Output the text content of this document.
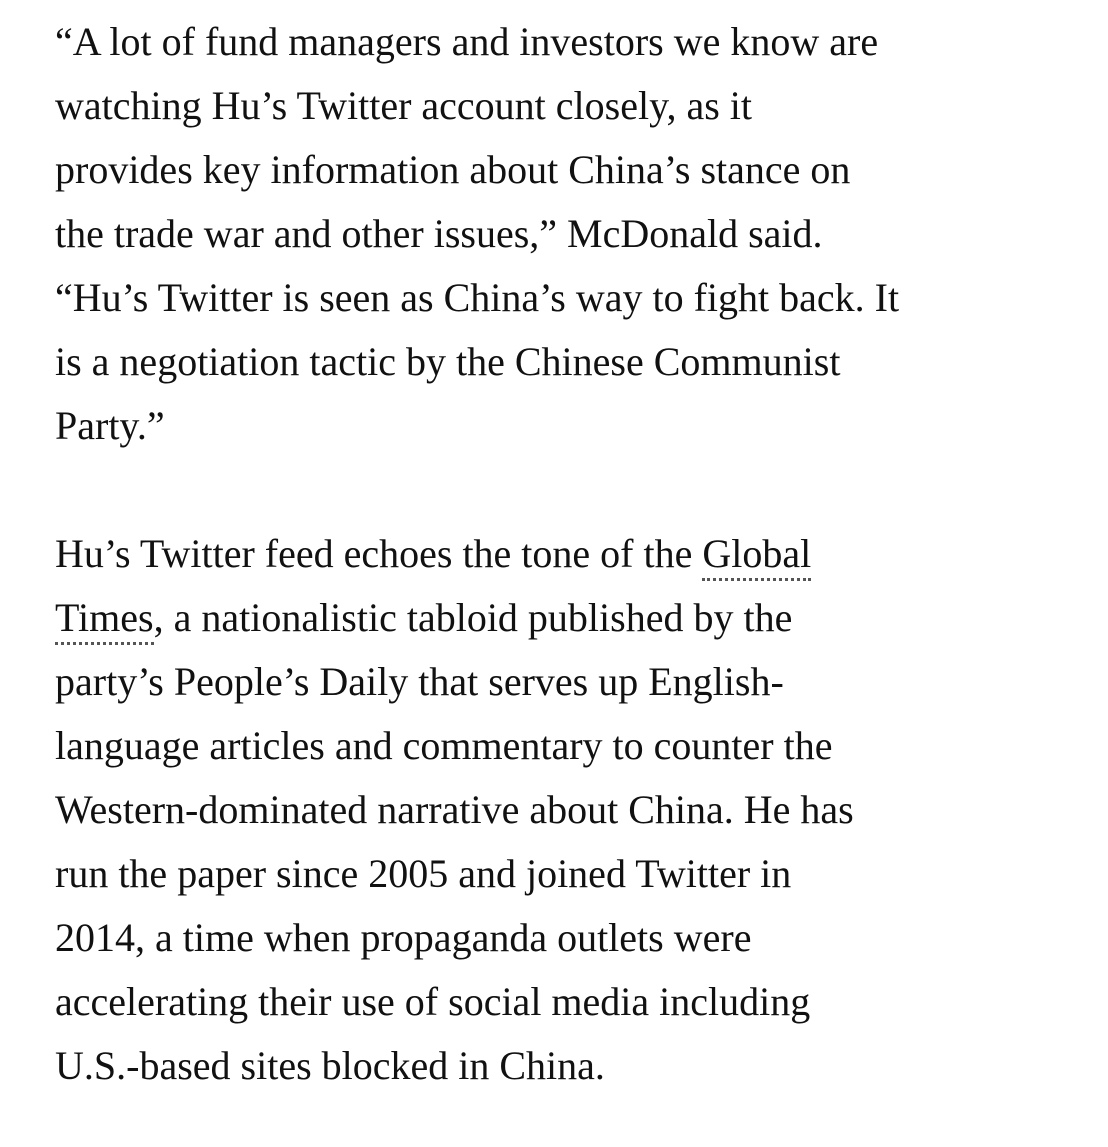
“A lot of fund managers and investors we know are
watching Hu’s Twitter account closely, as it
provides key information about China’s stance on
the trade war and other issues,” McDonald said.
“Hu’s Twitter is seen as China’s way to fight back. It
is a negotiation tactic by the Chinese Communist
Party.”

Hu’s Twitter feed echoes the tone of the Global
Times, a nationalistic tabloid published by the
party’s People’s Daily that serves up English-
language articles and commentary to counter the
Western-dominated narrative about China. He has
run the paper since 2005 and joined Twitter in
2014, a time when propaganda outlets were
accelerating their use of social media including
U.S.-based sites blocked in China.
